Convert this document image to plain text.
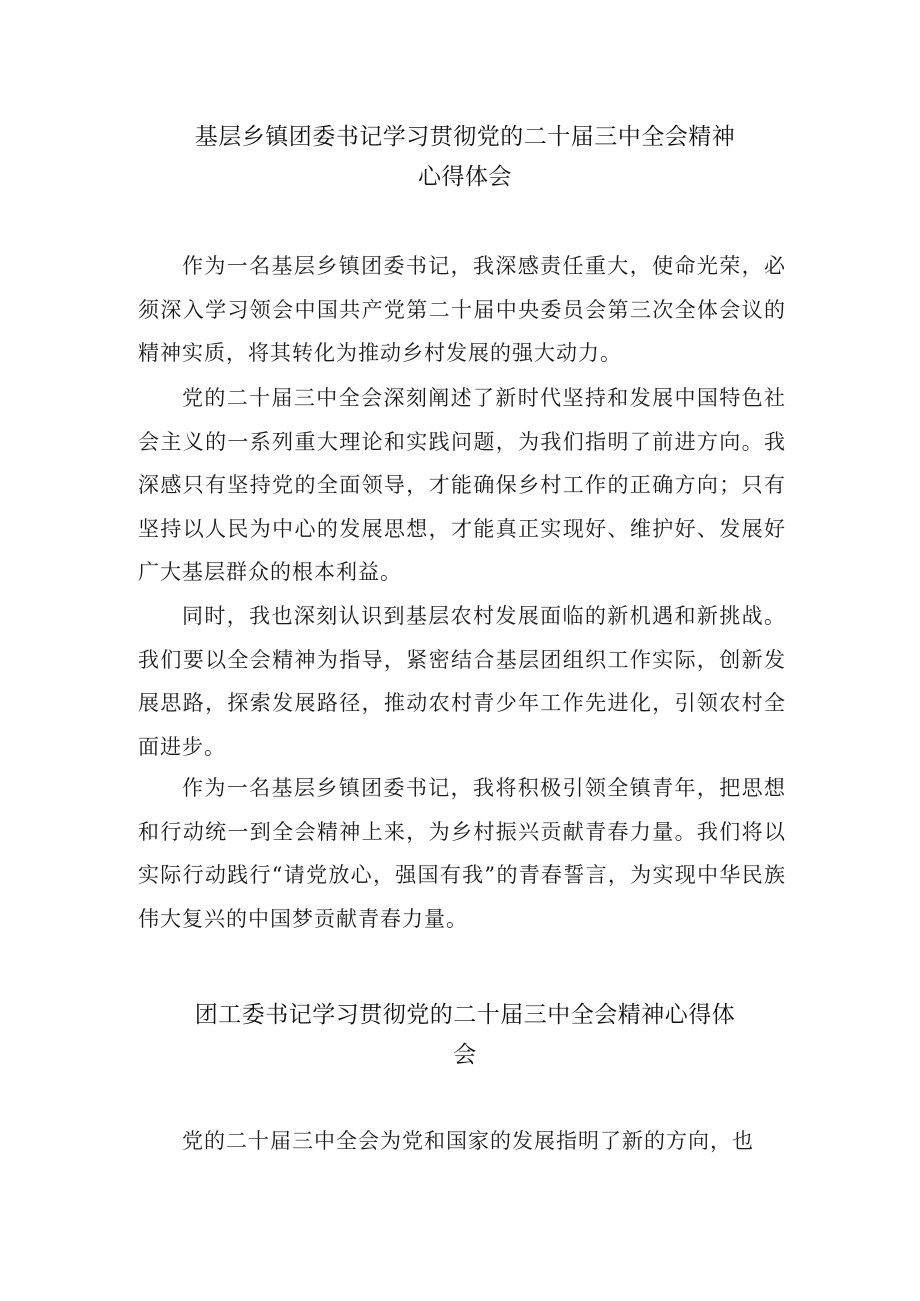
基层乡镇团委书记学习贯彻党的二十届三中全会精神
心得体会

作为一名基层乡镇团委书记，我深感责任重大，使命光荣，必须深入学习领会中国共产党第二十届中央委员会第三次全体会议的精神实质，将其转化为推动乡村发展的强大动力。

党的二十届三中全会深刻阐述了新时代坚持和发展中国特色社会主义的一系列重大理论和实践问题，为我们指明了前进方向。我深感只有坚持党的全面领导，才能确保乡村工作的正确方向；只有坚持以人民为中心的发展思想，才能真正实现好、维护好、发展好广大基层群众的根本利益。

同时，我也深刻认识到基层农村发展面临的新机遇和新挑战。我们要以全会精神为指导，紧密结合基层团组织工作实际，创新发展思路，探索发展路径，推动农村青少年工作先进化，引领农村全面进步。

作为一名基层乡镇团委书记，我将积极引领全镇青年，把思想和行动统一到全会精神上来，为乡村振兴贡献青春力量。我们将以实际行动践行“请党放心，强国有我”的青春誓言，为实现中华民族伟大复兴的中国梦贡献青春力量。

团工委书记学习贯彻党的二十届三中全会精神心得体
会

党的二十届三中全会为党和国家的发展指明了新的方向，也
